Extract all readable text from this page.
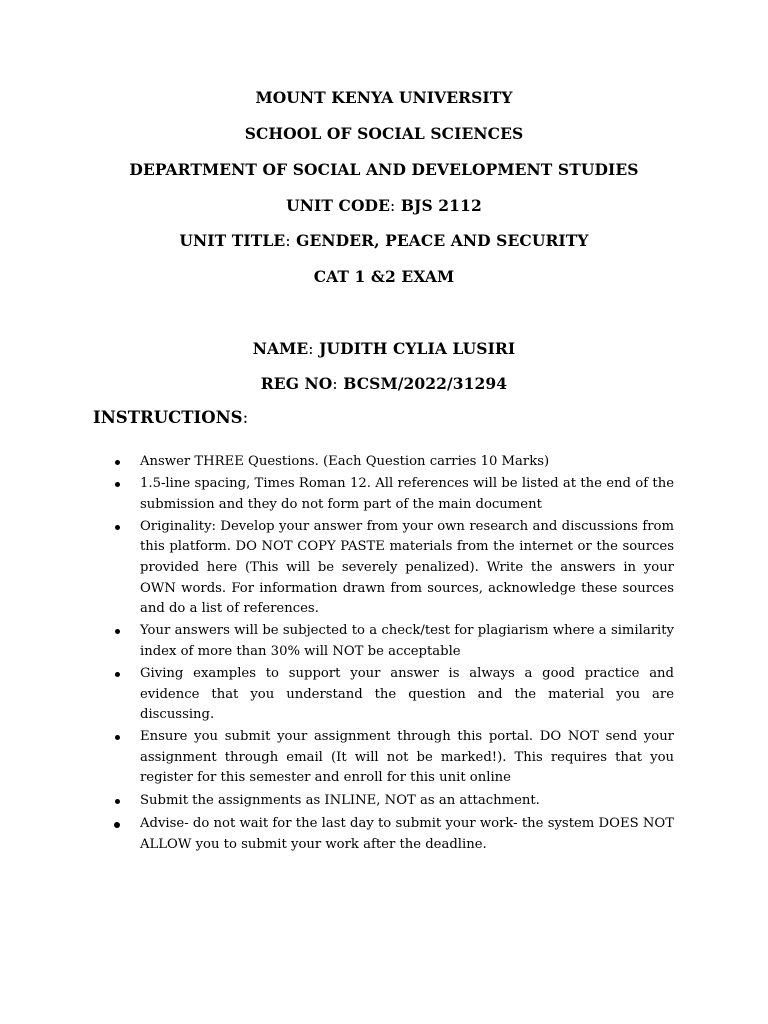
MOUNT KENYA UNIVERSITY
SCHOOL OF SOCIAL SCIENCES
DEPARTMENT OF SOCIAL AND DEVELOPMENT STUDIES
UNIT CODE: BJS 2112
UNIT TITLE: GENDER, PEACE AND SECURITY
CAT 1 &2 EXAM
NAME: JUDITH CYLIA LUSIRI
REG NO: BCSM/2022/31294
INSTRUCTIONS:
Answer THREE Questions. (Each Question carries 10 Marks)
1.5-line spacing, Times Roman 12. All references will be listed at the end of the submission and they do not form part of the main document
Originality: Develop your answer from your own research and discussions from this platform. DO NOT COPY PASTE materials from the internet or the sources provided here (This will be severely penalized). Write the answers in your OWN words. For information drawn from sources, acknowledge these sources and do a list of references.
Your answers will be subjected to a check/test for plagiarism where a similarity index of more than 30% will NOT be acceptable
Giving examples to support your answer is always a good practice and evidence that you understand the question and the material you are discussing.
Ensure you submit your assignment through this portal. DO NOT send your assignment through email (It will not be marked!). This requires that you register for this semester and enroll for this unit online
Submit the assignments as INLINE, NOT as an attachment.
Advise- do not wait for the last day to submit your work- the system DOES NOT ALLOW you to submit your work after the deadline.
